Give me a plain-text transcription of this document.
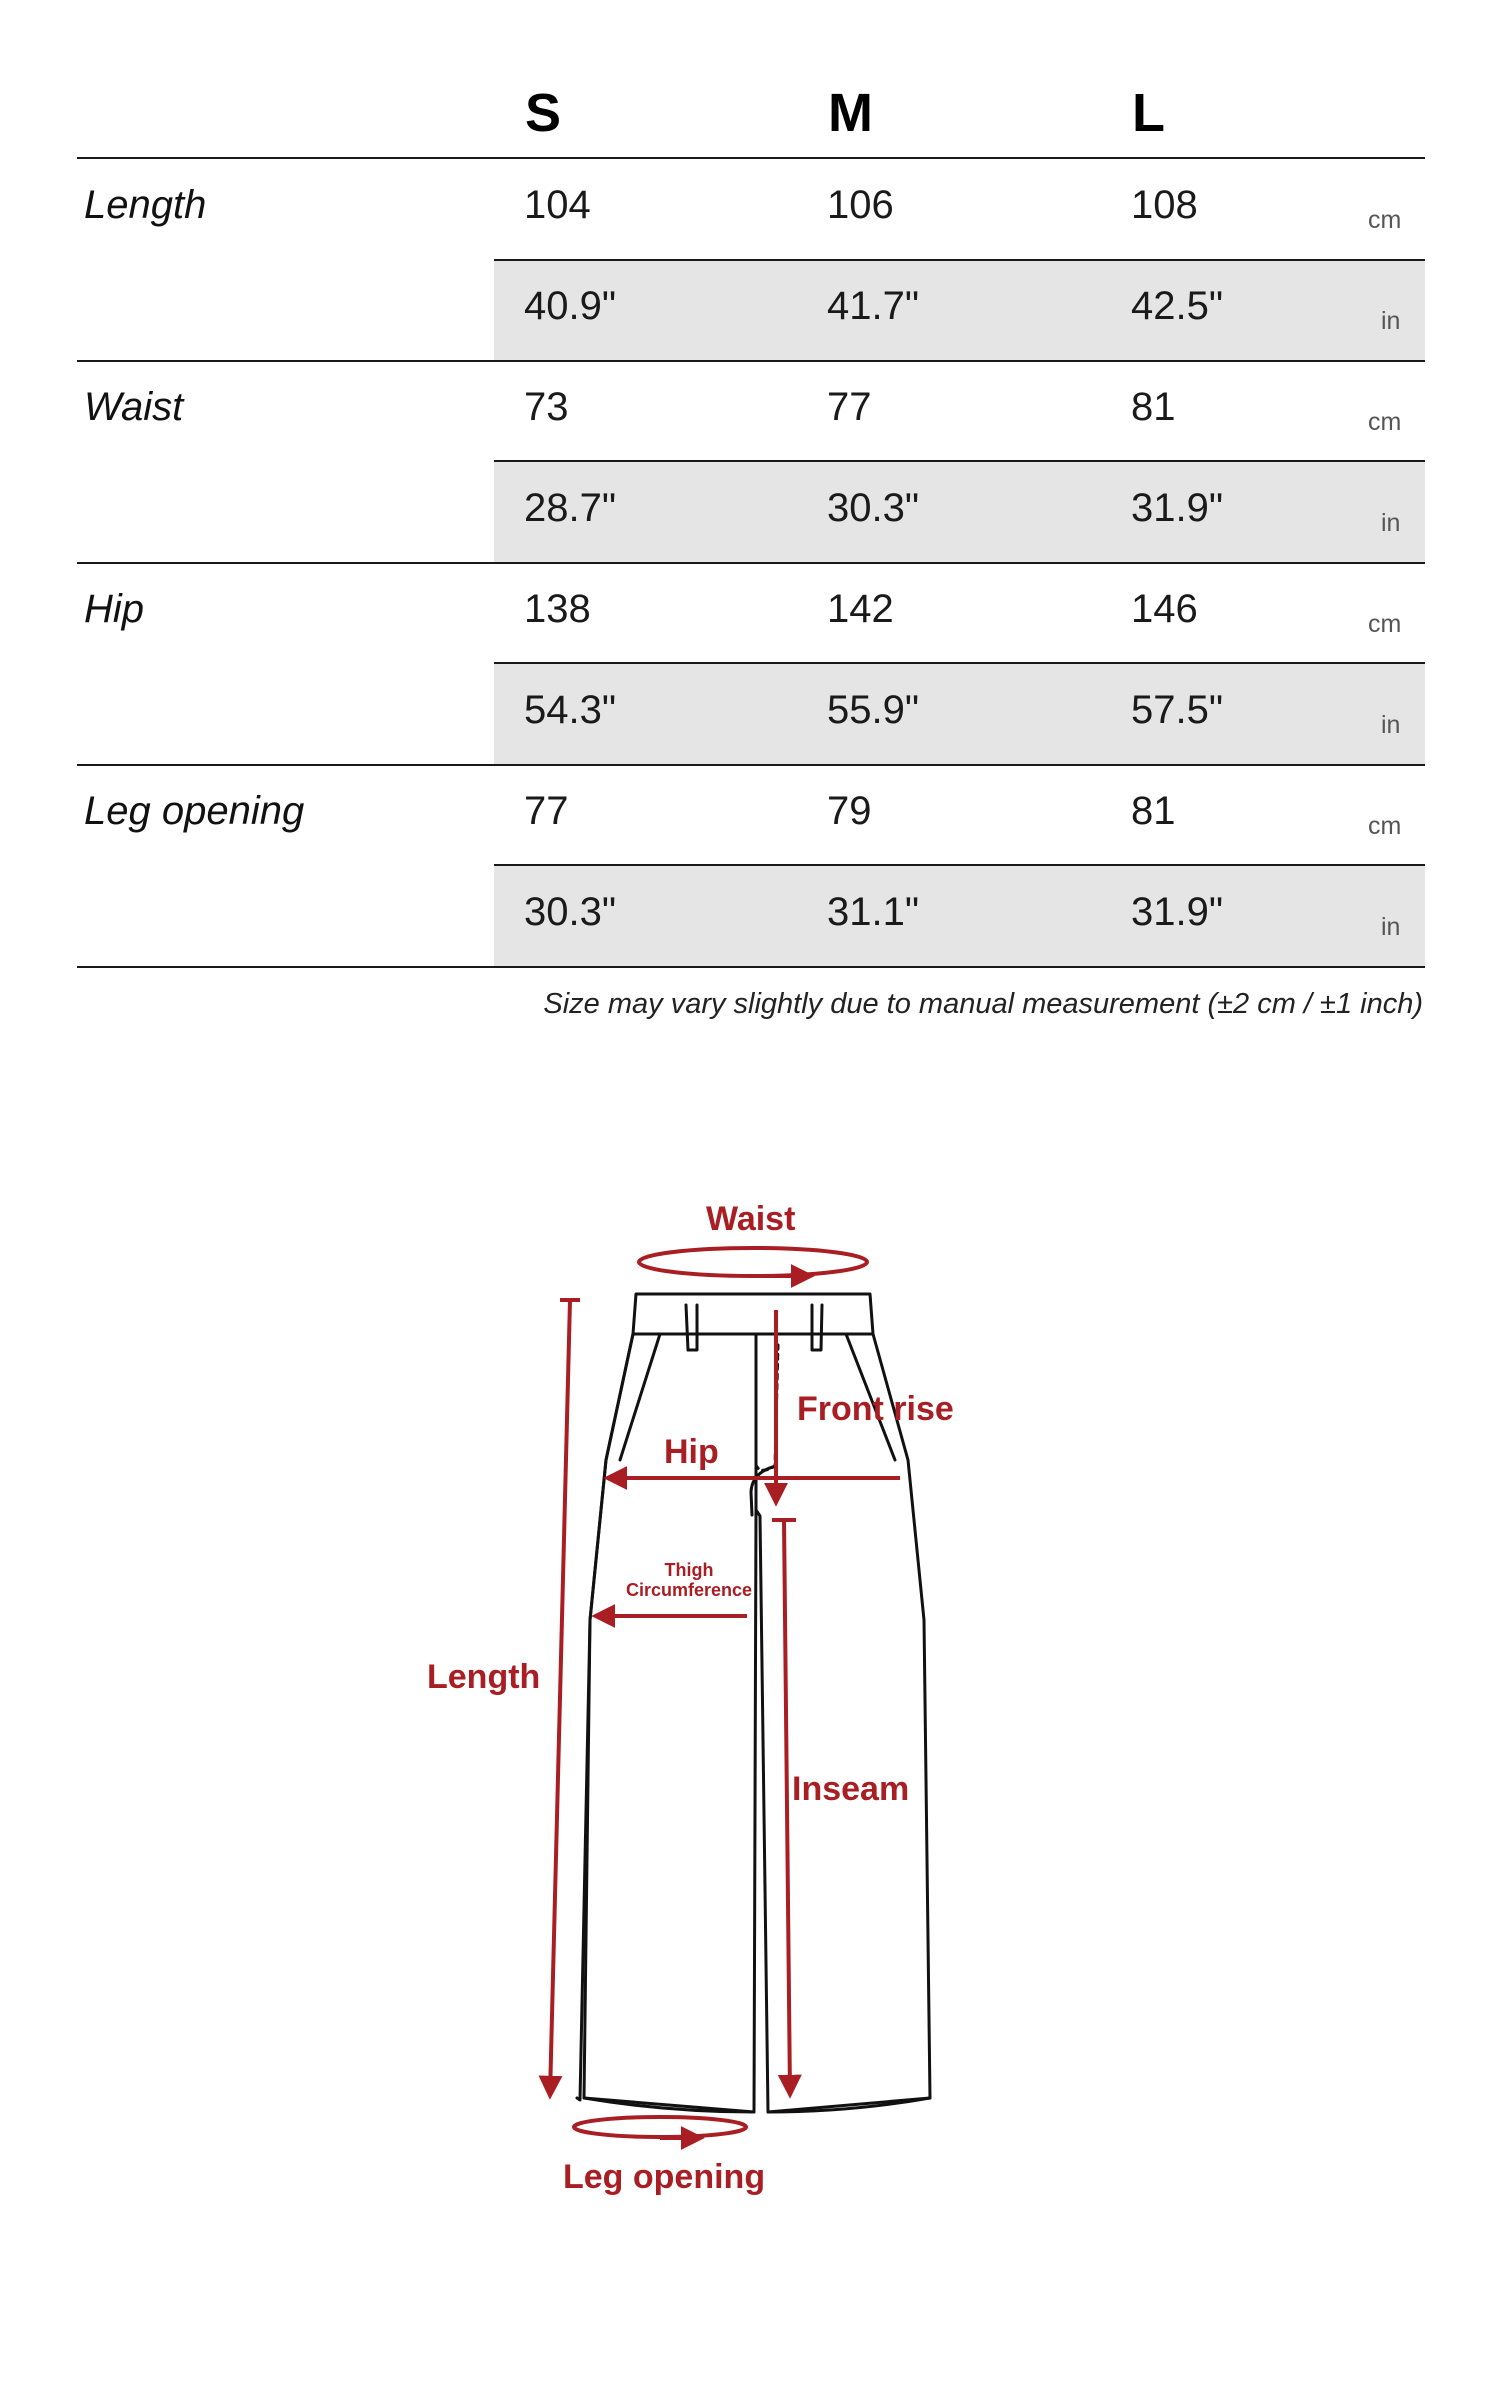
S	M	L
Length	104	106	108	cm
40.9"	41.7"	42.5"	in
Waist	73	77	81	cm
28.7"	30.3"	31.9"	in
Hip	138	142	146	cm
54.3"	55.9"	57.5"	in
Leg opening	77	79	81	cm
30.3"	31.1"	31.9"	in
Size may vary slightly due to manual measurement (±2 cm / ±1 inch)
Waist
Front rise
Hip
Thigh
Circumference
Length
Inseam
Leg opening
